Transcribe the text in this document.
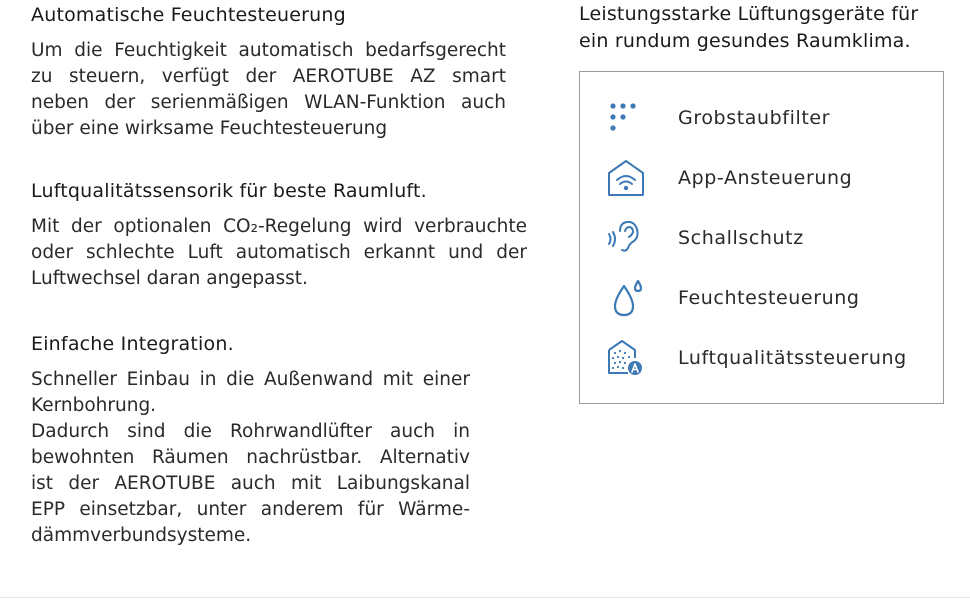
Automatische Feuchtesteuerung

Um die Feuchtigkeit automatisch bedarfsgerecht
zu steuern, verfügt der AEROTUBE AZ smart
neben der serienmäßigen WLAN-Funktion auch
über eine wirksame Feuchtesteuerung

Luftqualitätssensorik für beste Raumluft.

Mit der optionalen CO₂-Regelung wird verbrauchte
oder schlechte Luft automatisch erkannt und der
Luftwechsel daran angepasst.

Einfache Integration.

Schneller Einbau in die Außenwand mit einer
Kernbohrung.
Dadurch sind die Rohrwandlüfter auch in
bewohnten Räumen nachrüstbar. Alternativ
ist der AEROTUBE auch mit Laibungskanal
EPP einsetzbar, unter anderem für Wärme-
dämmverbundsysteme.

Leistungsstarke Lüftungsgeräte für
ein rundum gesundes Raumklima.
Grobstaubfilter
App-Ansteuerung
Schallschutz
Feuchtesteuerung
Luftqualitätssteuerung
